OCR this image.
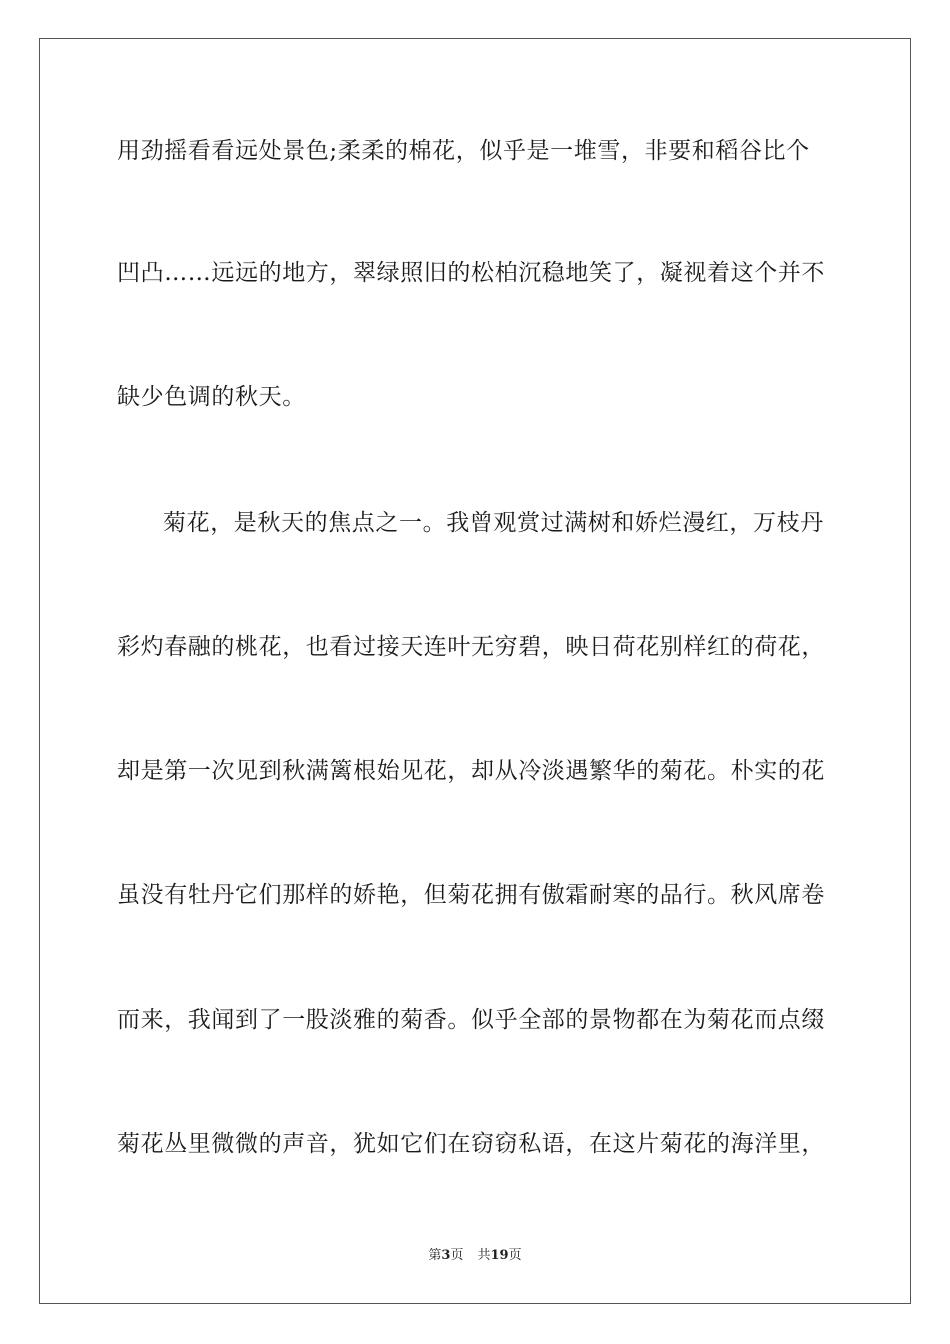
用劲摇看看远处景色;柔柔的棉花，似乎是一堆雪，非要和稻谷比个

凹凸……远远的地方，翠绿照旧的松柏沉稳地笑了，凝视着这个并不

缺少色调的秋天。

菊花，是秋天的焦点之一。我曾观赏过满树和娇烂漫红，万枝丹

彩灼春融的桃花，也看过接天连叶无穷碧，映日荷花别样红的荷花，

却是第一次见到秋满篱根始见花，却从冷淡遇繁华的菊花。朴实的花

虽没有牡丹它们那样的娇艳，但菊花拥有傲霜耐寒的品行。秋风席卷

而来，我闻到了一股淡雅的菊香。似乎全部的景物都在为菊花而点缀

菊花丛里微微的声音，犹如它们在窃窃私语，在这片菊花的海洋里，

第3页 共19页
